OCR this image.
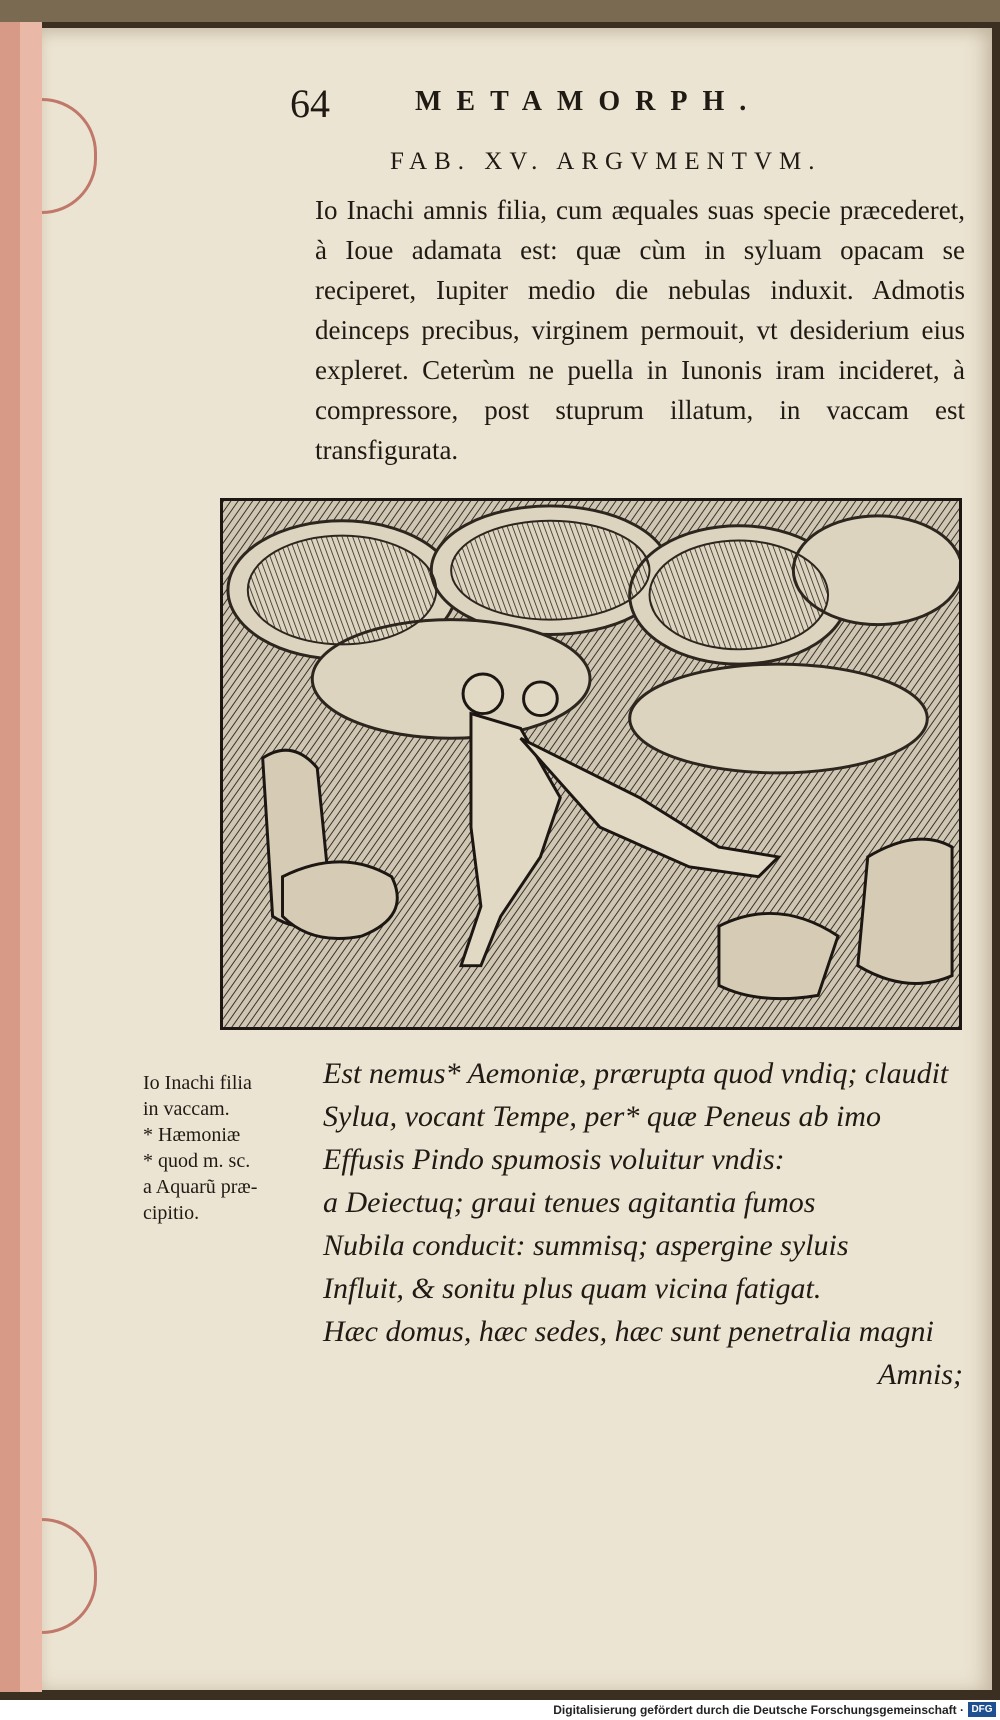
64	METAMORPH.
FAB. XV. ARGVMENTVM.
Io Inachi amnis filia, cum æquales suas specie præcederet, à Ioue adamata est: quæ cùm in syluam opacam se reciperet, Iupiter medio die nebulas induxit. Admotis deinceps precibus, virginem permouit, vt desiderium eius expleret. Ceterùm ne puella in Iunonis iram incideret, à compressore, post stuprum illatum, in vaccam est transfigurata.
Io Inachi filia
in vaccam.
* Hæmoniæ
* quod m. sc.
a Aquarũ præ-
cipitio.
Est nemus* Aemoniæ, prærupta quod vndiq; claudit
Sylua, vocant Tempe, per* quæ Peneus ab imo
Effusis Pindo spumosis voluitur vndis:
a Deiectuq; graui tenues agitantia fumos
Nubila conducit: summisq; aspergine syluis
Influit, & sonitu plus quam vicina fatigat.
Hæc domus, hæc sedes, hæc sunt penetralia magni
Amnis;
Digitalisierung gefördert durch die Deutsche Forschungsgemeinschaft · DFG
